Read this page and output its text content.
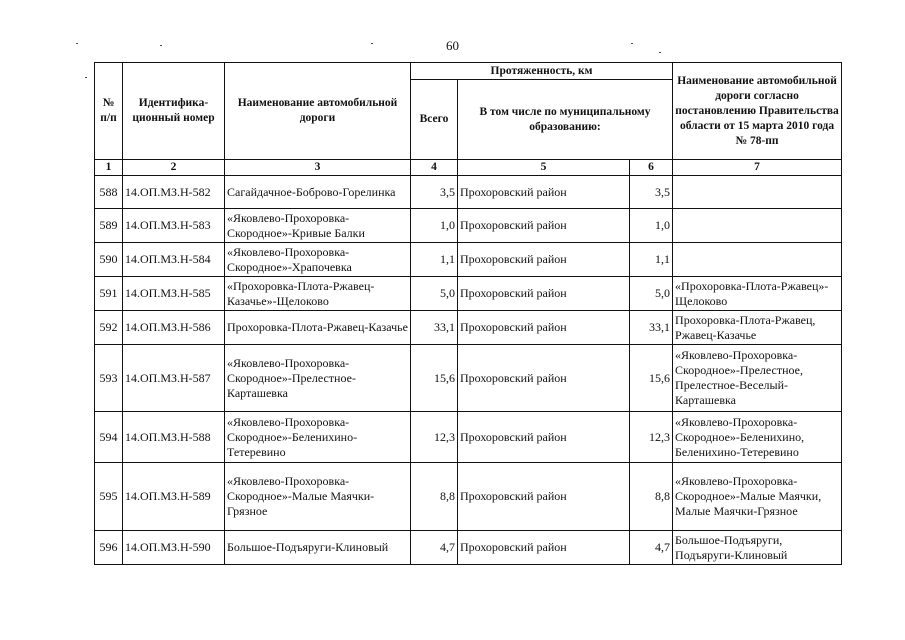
60
№ п/п	Идентифика-ционный номер	Наименование автомобильной дороги	Протяженность, км			Наименование автомобильной дороги согласно постановлению Правительства области от 15 марта 2010 года № 78-пп
			Всего	В том числе по муниципальному образованию:		
1	2	3	4	5	6	7
588	14.ОП.МЗ.Н-582	Сагайдачное-Боброво-Горелинка	3,5	Прохоровский район	3,5	
589	14.ОП.МЗ.Н-583	«Яковлево-Прохоровка-Скородное»-Кривые Балки	1,0	Прохоровский район	1,0	
590	14.ОП.МЗ.Н-584	«Яковлево-Прохоровка-Скородное»-Храпочевка	1,1	Прохоровский район	1,1	
591	14.ОП.МЗ.Н-585	«Прохоровка-Плота-Ржавец-Казачье»-Щелоково	5,0	Прохоровский район	5,0	«Прохоровка-Плота-Ржавец»-Щелоково
592	14.ОП.МЗ.Н-586	Прохоровка-Плота-Ржавец-Казачье	33,1	Прохоровский район	33,1	Прохоровка-Плота-Ржавец, Ржавец-Казачье
593	14.ОП.МЗ.Н-587	«Яковлево-Прохоровка-Скородное»-Прелестное-Карташевка	15,6	Прохоровский район	15,6	«Яковлево-Прохоровка-Скородное»-Прелестное, Прелестное-Веселый-Карташевка
594	14.ОП.МЗ.Н-588	«Яковлево-Прохоровка-Скородное»-Беленихино-Тетеревино	12,3	Прохоровский район	12,3	«Яковлево-Прохоровка-Скородное»-Беленихино, Беленихино-Тетеревино
595	14.ОП.МЗ.Н-589	«Яковлево-Прохоровка-Скородное»-Малые Маячки-Грязное	8,8	Прохоровский район	8,8	«Яковлево-Прохоровка-Скородное»-Малые Маячки, Малые Маячки-Грязное
596	14.ОП.МЗ.Н-590	Большое-Подъяруги-Клиновый	4,7	Прохоровский район	4,7	Большое-Подъяруги, Подъяруги-Клиновый
